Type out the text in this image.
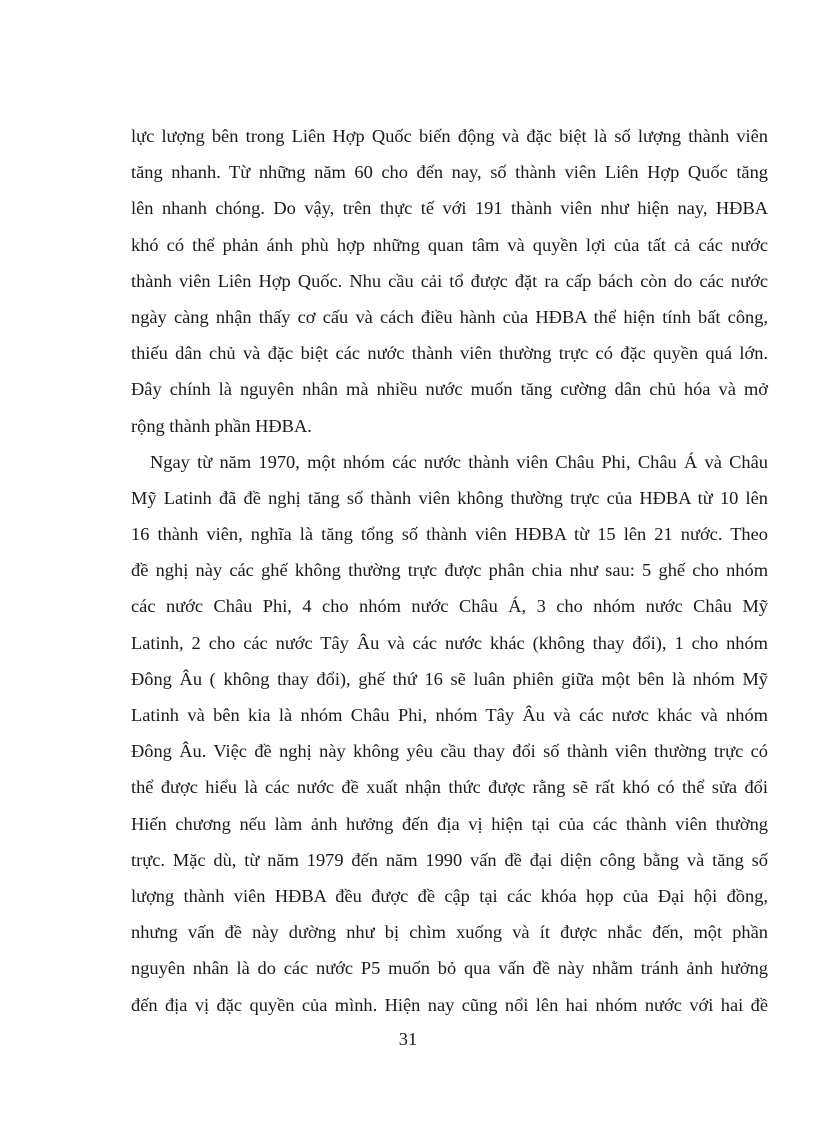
lực lượng bên trong Liên Hợp Quốc biến động và đặc biệt là số lượng thành viên
tăng nhanh. Từ những năm 60 cho đến nay, số thành viên Liên Hợp Quốc tăng
lên nhanh chóng. Do vậy, trên thực tế với 191 thành viên như hiện nay, HĐBA
khó có thể phản ánh phù hợp những quan tâm và quyền lợi của tất cả các nước
thành viên Liên Hợp Quốc. Nhu cầu cải tổ được đặt ra cấp bách còn do các nước
ngày càng nhận thấy cơ cấu và cách điều hành của HĐBA thể hiện tính bất công,
thiếu dân chủ và đặc biệt các nước thành viên thường trực có đặc quyền quá lớn.
Đây chính là nguyên nhân mà nhiều nước muốn tăng cường dân chủ hóa và mở
rộng thành phần HĐBA.
Ngay từ năm 1970, một nhóm các nước thành viên Châu Phi, Châu Á và Châu
Mỹ Latinh đã đề nghị tăng số thành viên không thường trực của HĐBA từ 10 lên
16 thành viên, nghĩa là tăng tổng số thành viên HĐBA từ 15 lên 21 nước. Theo
đề nghị này các ghế không thường trực được phân chia như sau: 5 ghế cho nhóm
các nước Châu Phi, 4 cho nhóm nước Châu Á, 3 cho nhóm nước Châu Mỹ
Latinh, 2 cho các nước Tây Âu và các nước khác (không thay đổi), 1 cho nhóm
Đông Âu ( không thay đổi), ghế thứ 16 sẽ luân phiên giữa một bên là nhóm Mỹ
Latinh và bên kia là nhóm Châu Phi, nhóm Tây Âu và các nươc khác và nhóm
Đông Âu. Việc đề nghị này không yêu cầu thay đổi số thành viên thường trực có
thể được hiểu là các nước đề xuất nhận thức được rằng sẽ rất khó có thể sửa đổi
Hiến chương nếu làm ảnh hưởng đến địa vị hiện tại của các thành viên thường
trực. Mặc dù, từ năm 1979 đến năm 1990 vấn đề đại diện công bằng và tăng số
lượng thành viên HĐBA đều được đề cập tại các khóa họp của Đại hội đồng,
nhưng vấn đề này dường như bị chìm xuống và ít được nhắc đến, một phần
nguyên nhân là do các nước P5 muốn bỏ qua vấn đề này nhằm tránh ảnh hưởng
đến địa vị đặc quyền của mình. Hiện nay cũng nổi lên hai nhóm nước với hai đề
31
